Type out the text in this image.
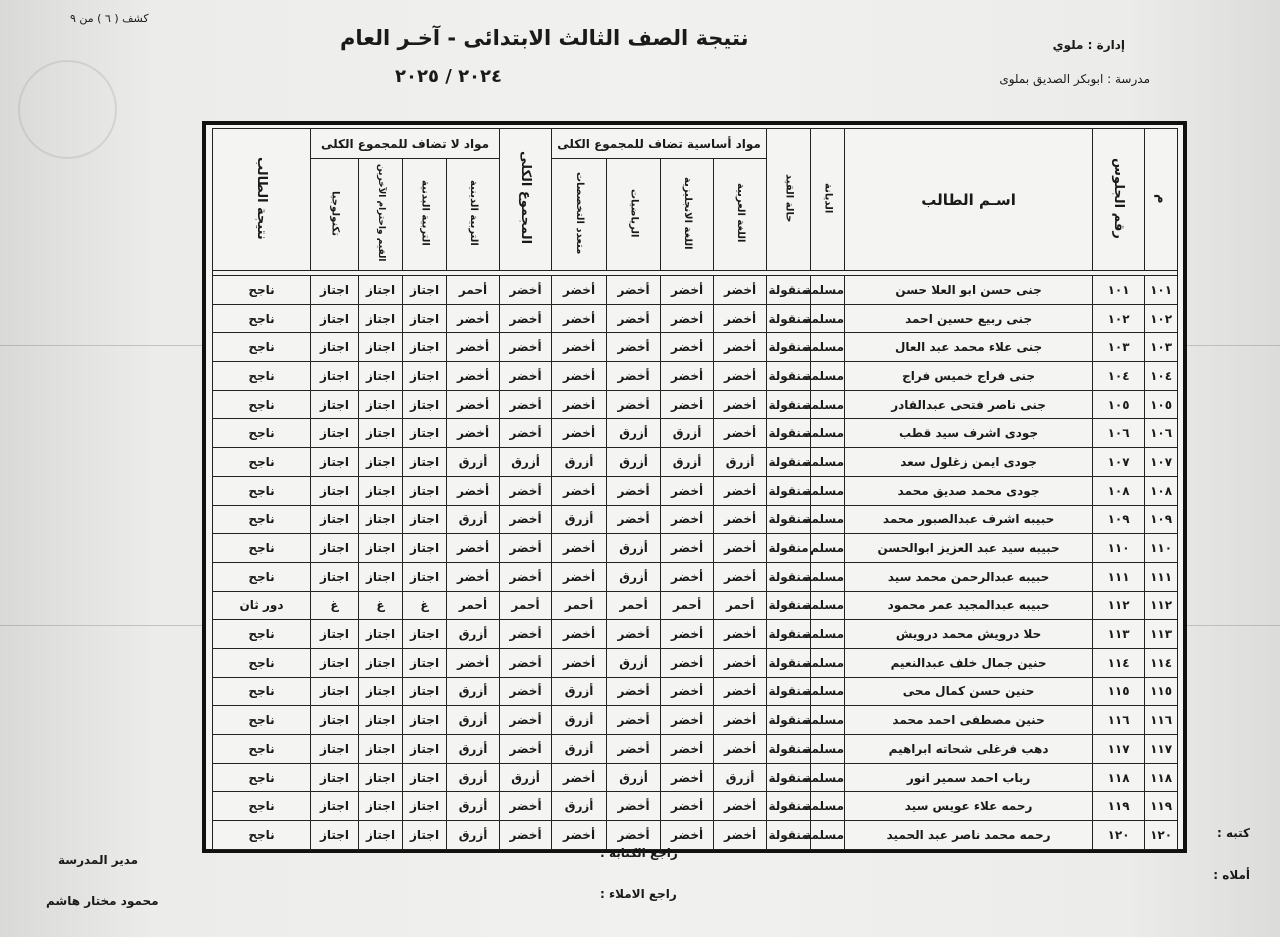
كشف ( ٦ ) من ٩
نتيجة الصف الثالث الابتدائى - آخـر العام
٢٠٢٤ / ٢٠٢٥
إدارة : ملوي
مدرسة : ابوبكر الصديق بملوى
م	رقم الجلوس	اسـم الطالب	الديانة	حالة القيد	مواد أساسية تضاف للمجموع الكلى				المجموع الكلى	مواد لا تضاف للمجموع الكلى				نتيجة الطالب
					اللغة العربية	اللغة الانجليزية	الرياضيات	متعدد التخصصات		التربية الدينية	التربية البدنية	القيم واحترام الآخرين	تكنولوجيا	

١٠١	١٠١	جنى حسن ابو العلا حسن	مسلمة	منقولة	أخضر	أخضر	أخضر	أخضر	أخضر	أحمر	اجتاز	اجتاز	اجتاز	ناجح
١٠٢	١٠٢	جنى ربيع حسين احمد	مسلمة	منقولة	أخضر	أخضر	أخضر	أخضر	أخضر	أخضر	اجتاز	اجتاز	اجتاز	ناجح
١٠٣	١٠٣	جنى علاء محمد عبد العال	مسلمة	منقولة	أخضر	أخضر	أخضر	أخضر	أخضر	أخضر	اجتاز	اجتاز	اجتاز	ناجح
١٠٤	١٠٤	جنى فراج خميس فراج	مسلمة	منقولة	أخضر	أخضر	أخضر	أخضر	أخضر	أخضر	اجتاز	اجتاز	اجتاز	ناجح
١٠٥	١٠٥	جنى ناصر فتحى عبدالقادر	مسلمة	منقولة	أخضر	أخضر	أخضر	أخضر	أخضر	أخضر	اجتاز	اجتاز	اجتاز	ناجح
١٠٦	١٠٦	جودى اشرف سيد قطب	مسلمة	منقولة	أخضر	أزرق	أزرق	أخضر	أخضر	أخضر	اجتاز	اجتاز	اجتاز	ناجح
١٠٧	١٠٧	جودى ايمن زغلول سعد	مسلمة	منقولة	أزرق	أزرق	أزرق	أزرق	أزرق	أزرق	اجتاز	اجتاز	اجتاز	ناجح
١٠٨	١٠٨	جودى محمد صديق محمد	مسلمة	منقولة	أخضر	أخضر	أخضر	أخضر	أخضر	أخضر	اجتاز	اجتاز	اجتاز	ناجح
١٠٩	١٠٩	حبيبه اشرف عبدالصبور محمد	مسلمة	منقولة	أخضر	أخضر	أخضر	أزرق	أخضر	أزرق	اجتاز	اجتاز	اجتاز	ناجح
١١٠	١١٠	حبيبه سيد عبد العزيز ابوالحسن	مسلم	منقولة	أخضر	أخضر	أزرق	أخضر	أخضر	أخضر	اجتاز	اجتاز	اجتاز	ناجح
١١١	١١١	حبيبه عبدالرحمن محمد سيد	مسلمة	منقولة	أخضر	أخضر	أزرق	أخضر	أخضر	أخضر	اجتاز	اجتاز	اجتاز	ناجح
١١٢	١١٢	حبيبه عبدالمجيد عمر محمود	مسلمة	منقولة	أحمر	أحمر	أحمر	أحمر	أحمر	أحمر	غ	غ	غ	دور ثان
١١٣	١١٣	حلا درويش محمد درويش	مسلمة	منقولة	أخضر	أخضر	أخضر	أخضر	أخضر	أزرق	اجتاز	اجتاز	اجتاز	ناجح
١١٤	١١٤	حنين جمال خلف عبدالنعيم	مسلمة	منقولة	أخضر	أخضر	أزرق	أخضر	أخضر	أخضر	اجتاز	اجتاز	اجتاز	ناجح
١١٥	١١٥	حنين حسن كمال محى	مسلمة	منقولة	أخضر	أخضر	أخضر	أزرق	أخضر	أزرق	اجتاز	اجتاز	اجتاز	ناجح
١١٦	١١٦	حنين مصطفى احمد محمد	مسلمة	منقولة	أخضر	أخضر	أخضر	أزرق	أخضر	أزرق	اجتاز	اجتاز	اجتاز	ناجح
١١٧	١١٧	دهب فرغلى شحاته ابراهيم	مسلمة	منقولة	أخضر	أخضر	أخضر	أزرق	أخضر	أزرق	اجتاز	اجتاز	اجتاز	ناجح
١١٨	١١٨	رباب احمد سمير انور	مسلمة	منقولة	أزرق	أخضر	أزرق	أخضر	أزرق	أزرق	اجتاز	اجتاز	اجتاز	ناجح
١١٩	١١٩	رحمه علاء عويس سيد	مسلمة	منقولة	أخضر	أخضر	أخضر	أزرق	أخضر	أزرق	اجتاز	اجتاز	اجتاز	ناجح
١٢٠	١٢٠	رحمه محمد ناصر عبد الحميد	مسلمة	منقولة	أخضر	أخضر	أخضر	أخضر	أخضر	أزرق	اجتاز	اجتاز	اجتاز	ناجح	كتبه :
أملاه :
راجع الكتابه :
راجع الاملاء :
مدير المدرسة
محمود مختار هاشم
